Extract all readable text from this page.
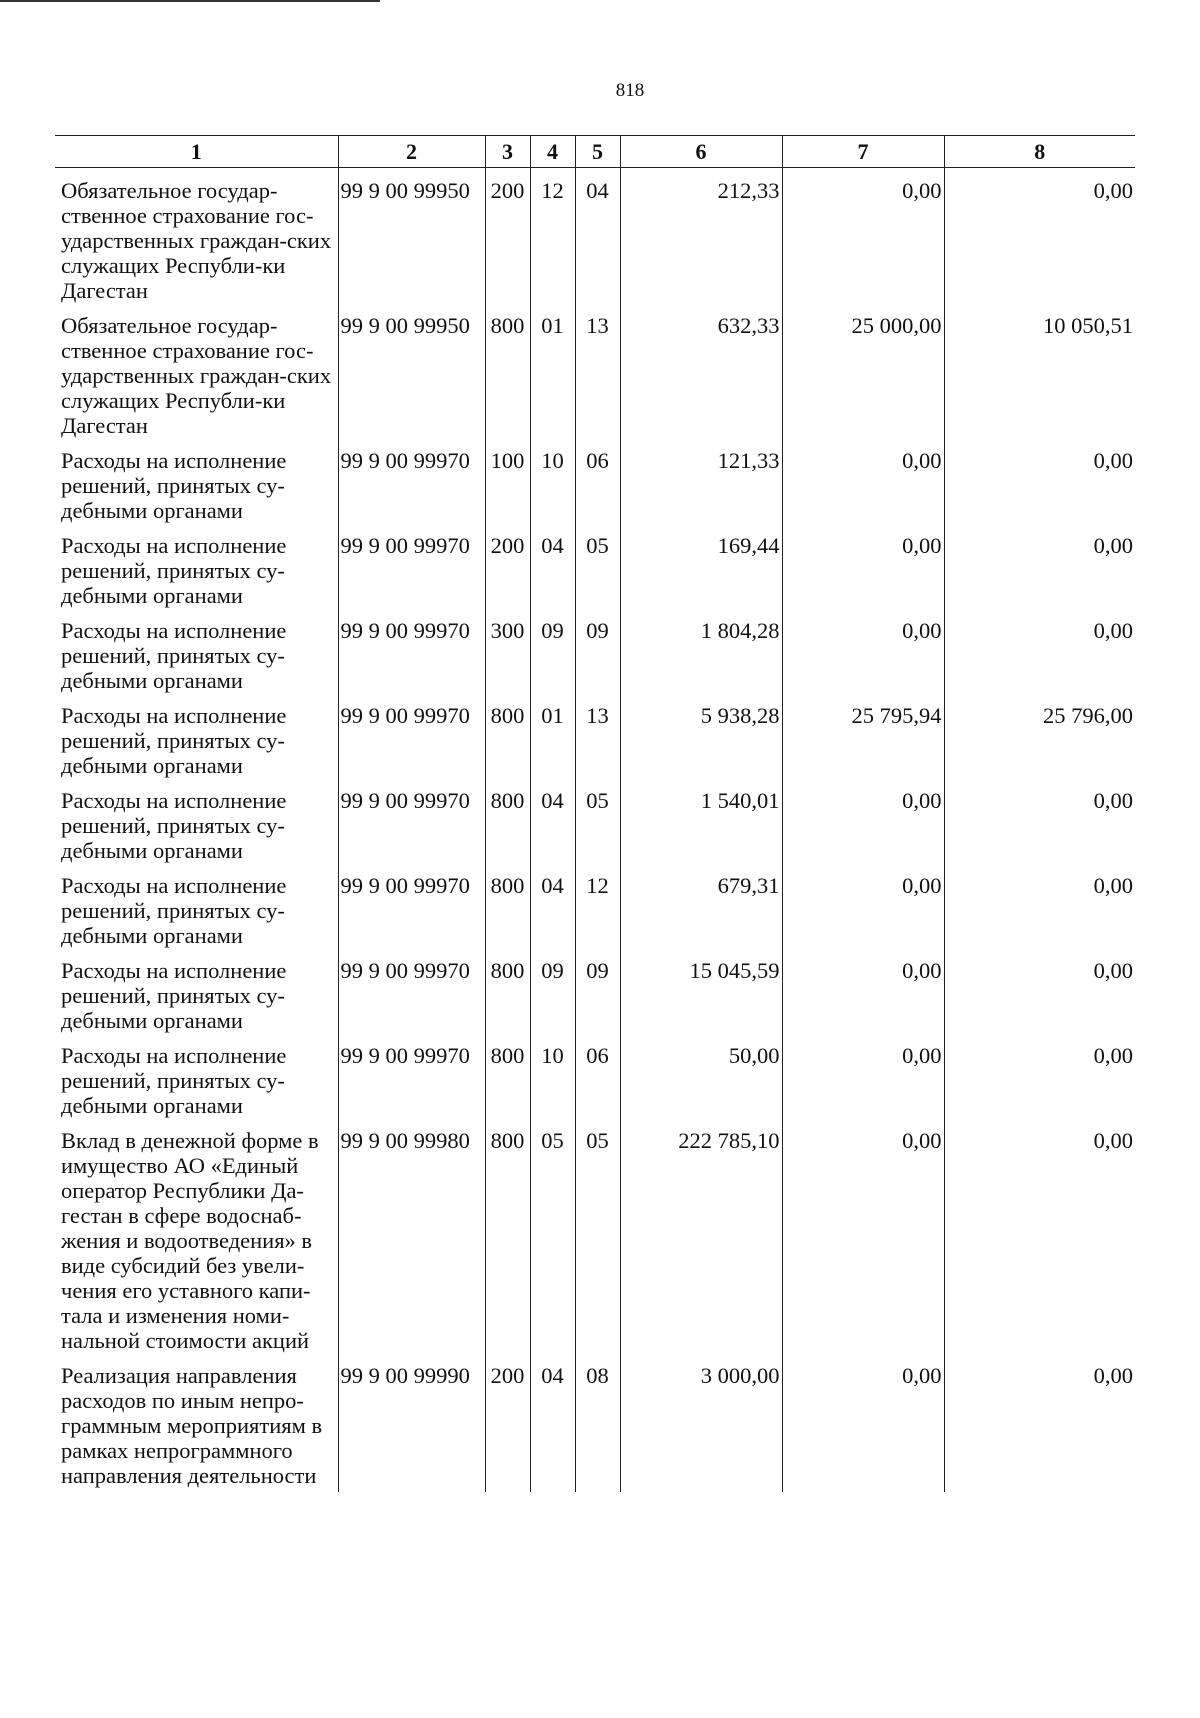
818
1	2	3	4	5	6	7	8
Обязательное государ-ственное страхование гос-ударственных граждан-ских служащих Республи-ки Дагестан	99 9 00 99950	200	12	04	212,33	0,00	0,00
Обязательное государ-ственное страхование гос-ударственных граждан-ских служащих Республи-ки Дагестан	99 9 00 99950	800	01	13	632,33	25 000,00	10 050,51
Расходы на исполнение решений, принятых су-дебными органами	99 9 00 99970	100	10	06	121,33	0,00	0,00
Расходы на исполнение решений, принятых су-дебными органами	99 9 00 99970	200	04	05	169,44	0,00	0,00
Расходы на исполнение решений, принятых су-дебными органами	99 9 00 99970	300	09	09	1 804,28	0,00	0,00
Расходы на исполнение решений, принятых су-дебными органами	99 9 00 99970	800	01	13	5 938,28	25 795,94	25 796,00
Расходы на исполнение решений, принятых су-дебными органами	99 9 00 99970	800	04	05	1 540,01	0,00	0,00
Расходы на исполнение решений, принятых су-дебными органами	99 9 00 99970	800	04	12	679,31	0,00	0,00
Расходы на исполнение решений, принятых су-дебными органами	99 9 00 99970	800	09	09	15 045,59	0,00	0,00
Расходы на исполнение решений, принятых су-дебными органами	99 9 00 99970	800	10	06	50,00	0,00	0,00
Вклад в денежной форме в имущество АО «Единый оператор Республики Да-гестан в сфере водоснаб-жения и водоотведения» в виде субсидий без увели-чения его уставного капи-тала и изменения номи-нальной стоимости акций	99 9 00 99980	800	05	05	222 785,10	0,00	0,00
Реализация направления расходов по иным непро-граммным мероприятиям в рамках непрограммного направления деятельности	99 9 00 99990	200	04	08	3 000,00	0,00	0,00
